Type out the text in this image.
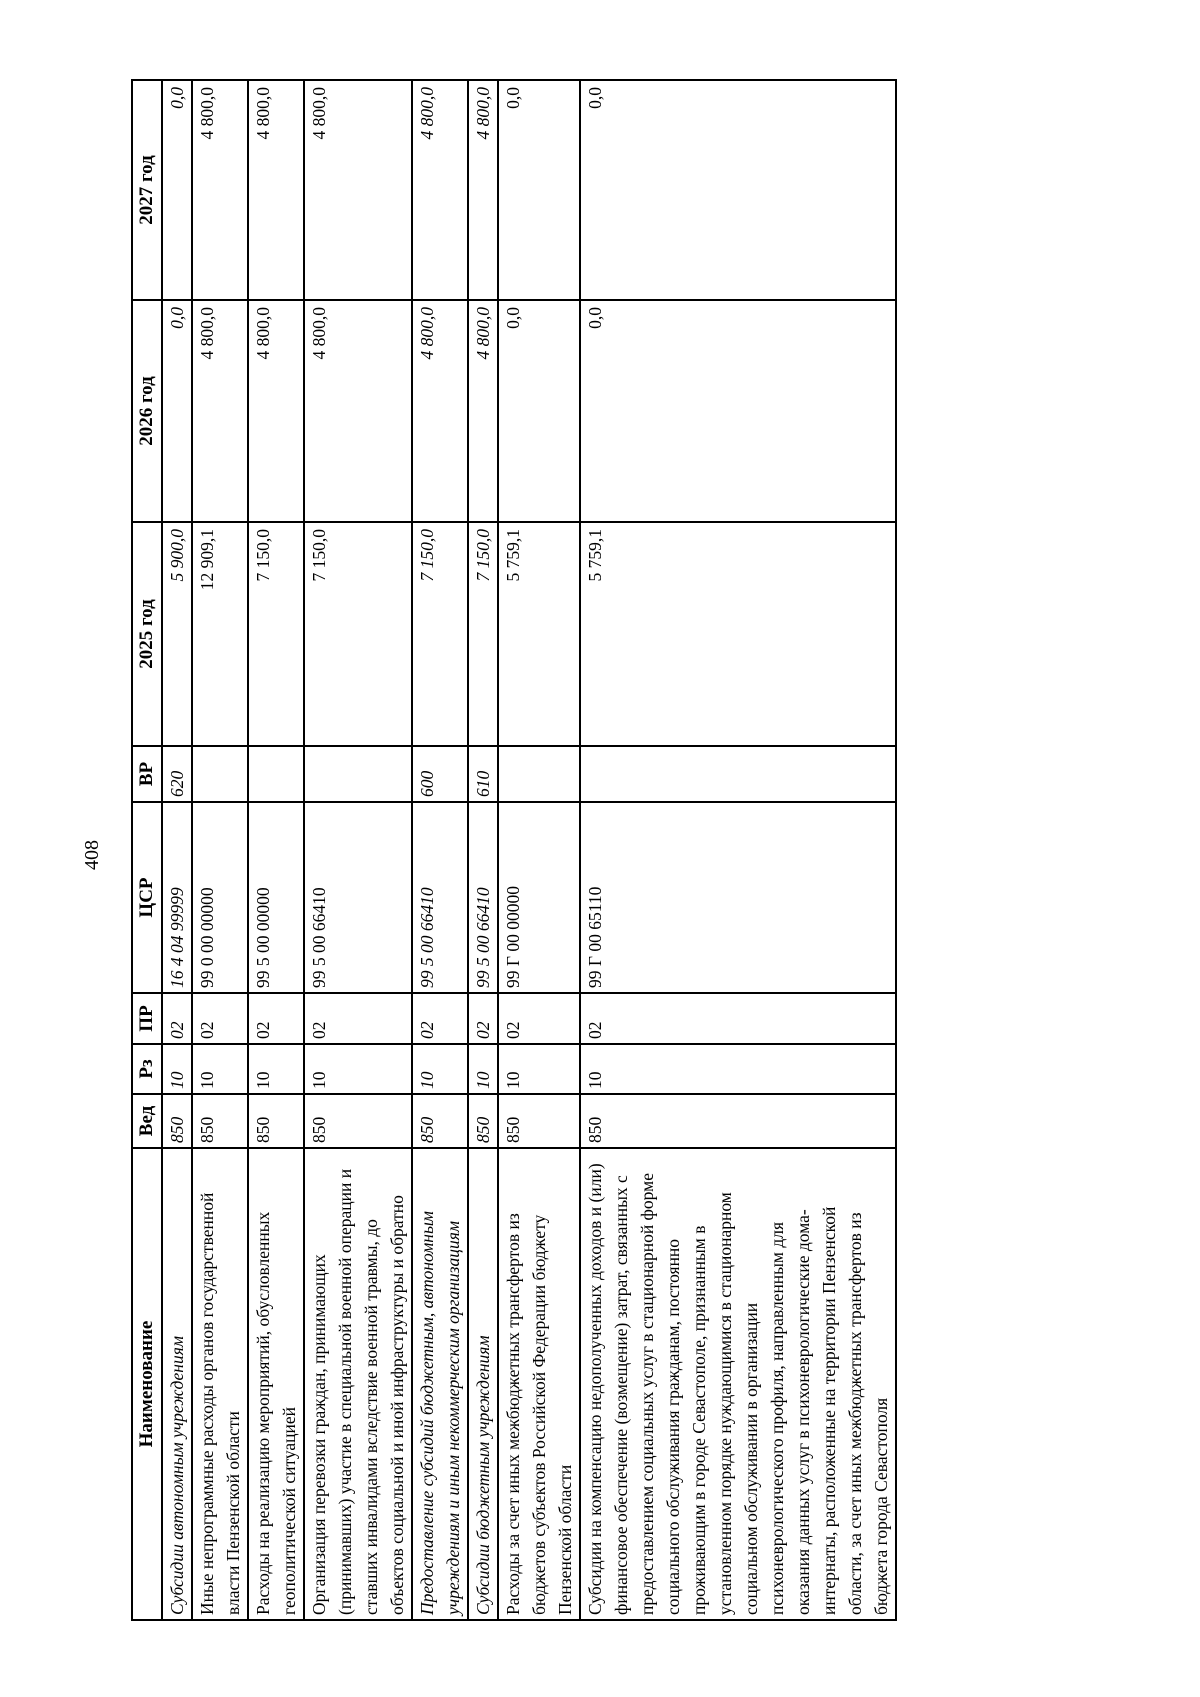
408
Наименование	Вед	Рз	ПР	ЦСР	ВР	2025 год	2026 год	2027 год
Субсидии автономным учреждениям	850	10	02	16 4 04 99999	620	5 900,0	0,0	0,0
Иные непрограммные расходы органов государственной власти Пензенской области	850	10	02	99 0 00 00000		12 909,1	4 800,0	4 800,0
Расходы на реализацию мероприятий, обусловленных геополитической ситуацией	850	10	02	99 5 00 00000		7 150,0	4 800,0	4 800,0
Организация перевозки граждан, принимающих (принимавших) участие в специальной военной операции и ставших инвалидами вследствие военной травмы, до объектов социальной и иной инфраструктуры и обратно	850	10	02	99 5 00 66410		7 150,0	4 800,0	4 800,0
Предоставление субсидий бюджетным, автономным учреждениям и иным некоммерческим организациям	850	10	02	99 5 00 66410	600	7 150,0	4 800,0	4 800,0
Субсидии бюджетным учреждениям	850	10	02	99 5 00 66410	610	7 150,0	4 800,0	4 800,0
Расходы за счет иных межбюджетных трансфертов из бюджетов субъектов Российской Федерации бюджету Пензенской области	850	10	02	99 Г 00 00000		5 759,1	0,0	0,0
Субсидии на компенсацию недополученных доходов и (или) финансовое обеспечение (возмещение) затрат, связанных с предоставлением социальных услуг в стационарной форме социального обслуживания гражданам, постоянно проживающим в городе Севастополе, признанным в установленном порядке нуждающимися в стационарном социальном обслуживании в организации психоневрологического профиля, направленным для оказания данных услуг в психоневрологические дома-интернаты, расположенные на территории Пензенской области, за счет иных межбюджетных трансфертов из бюджета города Севастополя	850	10	02	99 Г 00 65110		5 759,1	0,0	0,0
